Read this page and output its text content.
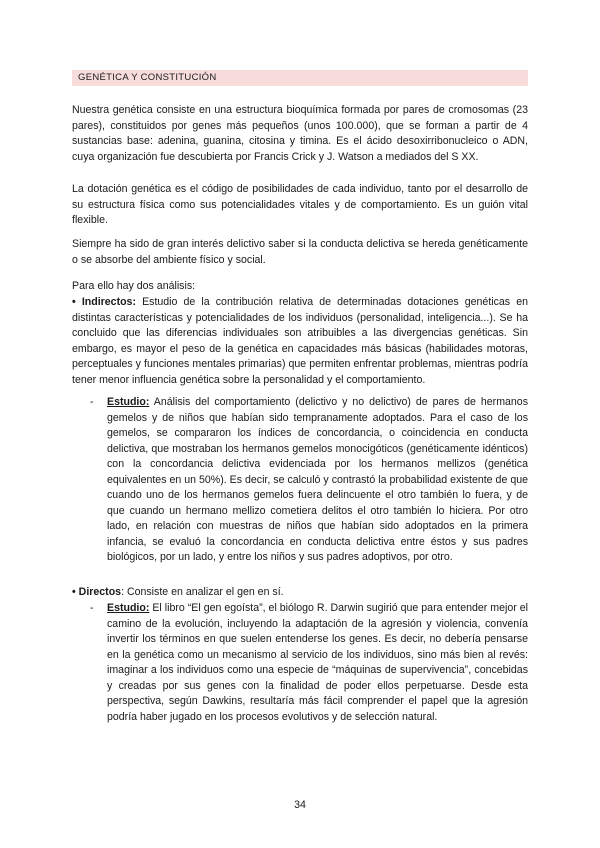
GENÉTICA Y CONSTITUCIÓN

Nuestra genética consiste en una estructura bioquímica formada por pares de cromosomas (23 pares), constituidos por genes más pequeños (unos 100.000), que se forman a partir de 4 sustancias base: adenina, guanina, citosina y timina. Es el ácido desoxirribonucleico o ADN, cuya organización fue descubierta por Francis Crick y J. Watson a mediados del S XX.

La dotación genética es el código de posibilidades de cada individuo, tanto por el desarrollo de su estructura física como sus potencialidades vitales y de comportamiento. Es un guión vital flexible.

Siempre ha sido de gran interés delictivo saber si la conducta delictiva se hereda genéticamente o se absorbe del ambiente físico y social.

Para ello hay dos análisis:

• Indirectos: Estudio de la contribución relativa de determinadas dotaciones genéticas en distintas características y potencialidades de los individuos (personalidad, inteligencia...). Se ha concluido que las diferencias individuales son atribuibles a las divergencias genéticas. Sin embargo, es mayor el peso de la genética en capacidades más básicas (habilidades motoras, perceptuales y funciones mentales primarias) que permiten enfrentar problemas, mientras podría tener menor influencia genética sobre la personalidad y el comportamiento.
- Estudio: Análisis del comportamiento (delictivo y no delictivo) de pares de hermanos gemelos y de niños que habían sido tempranamente adoptados. Para el caso de los gemelos, se compararon los índices de concordancia, o coincidencia en conducta delictiva, que mostraban los hermanos gemelos monocigóticos (genéticamente idénticos) con la concordancia delictiva evidenciada por los hermanos mellizos (genética equivalentes en un 50%). Es decir, se calculó y contrastó la probabilidad existente de que cuando uno de los hermanos gemelos fuera delincuente el otro también lo fuera, y de que cuando un hermano mellizo cometiera delitos el otro también lo hiciera. Por otro lado, en relación con muestras de niños que habían sido adoptados en la primera infancia, se evaluó la concordancia en conducta delictiva entre éstos y sus padres biológicos, por un lado, y entre los niños y sus padres adoptivos, por otro.
• Directos: Consiste en analizar el gen en sí.
- Estudio: El libro “El gen egoísta”, el biólogo R. Darwin sugirió que para entender mejor el camino de la evolución, incluyendo la adaptación de la agresión y violencia, convenía invertir los términos en que suelen entenderse los genes. Es decir, no debería pensarse en la genética como un mecanismo al servicio de los individuos, sino más bien al revés: imaginar a los individuos como una especie de “máquinas de supervivencia”, concebidas y creadas por sus genes con la finalidad de poder ellos perpetuarse. Desde esta perspectiva, según Dawkins, resultaría más fácil comprender el papel que la agresión podría haber jugado en los procesos evolutivos y de selección natural.
34
